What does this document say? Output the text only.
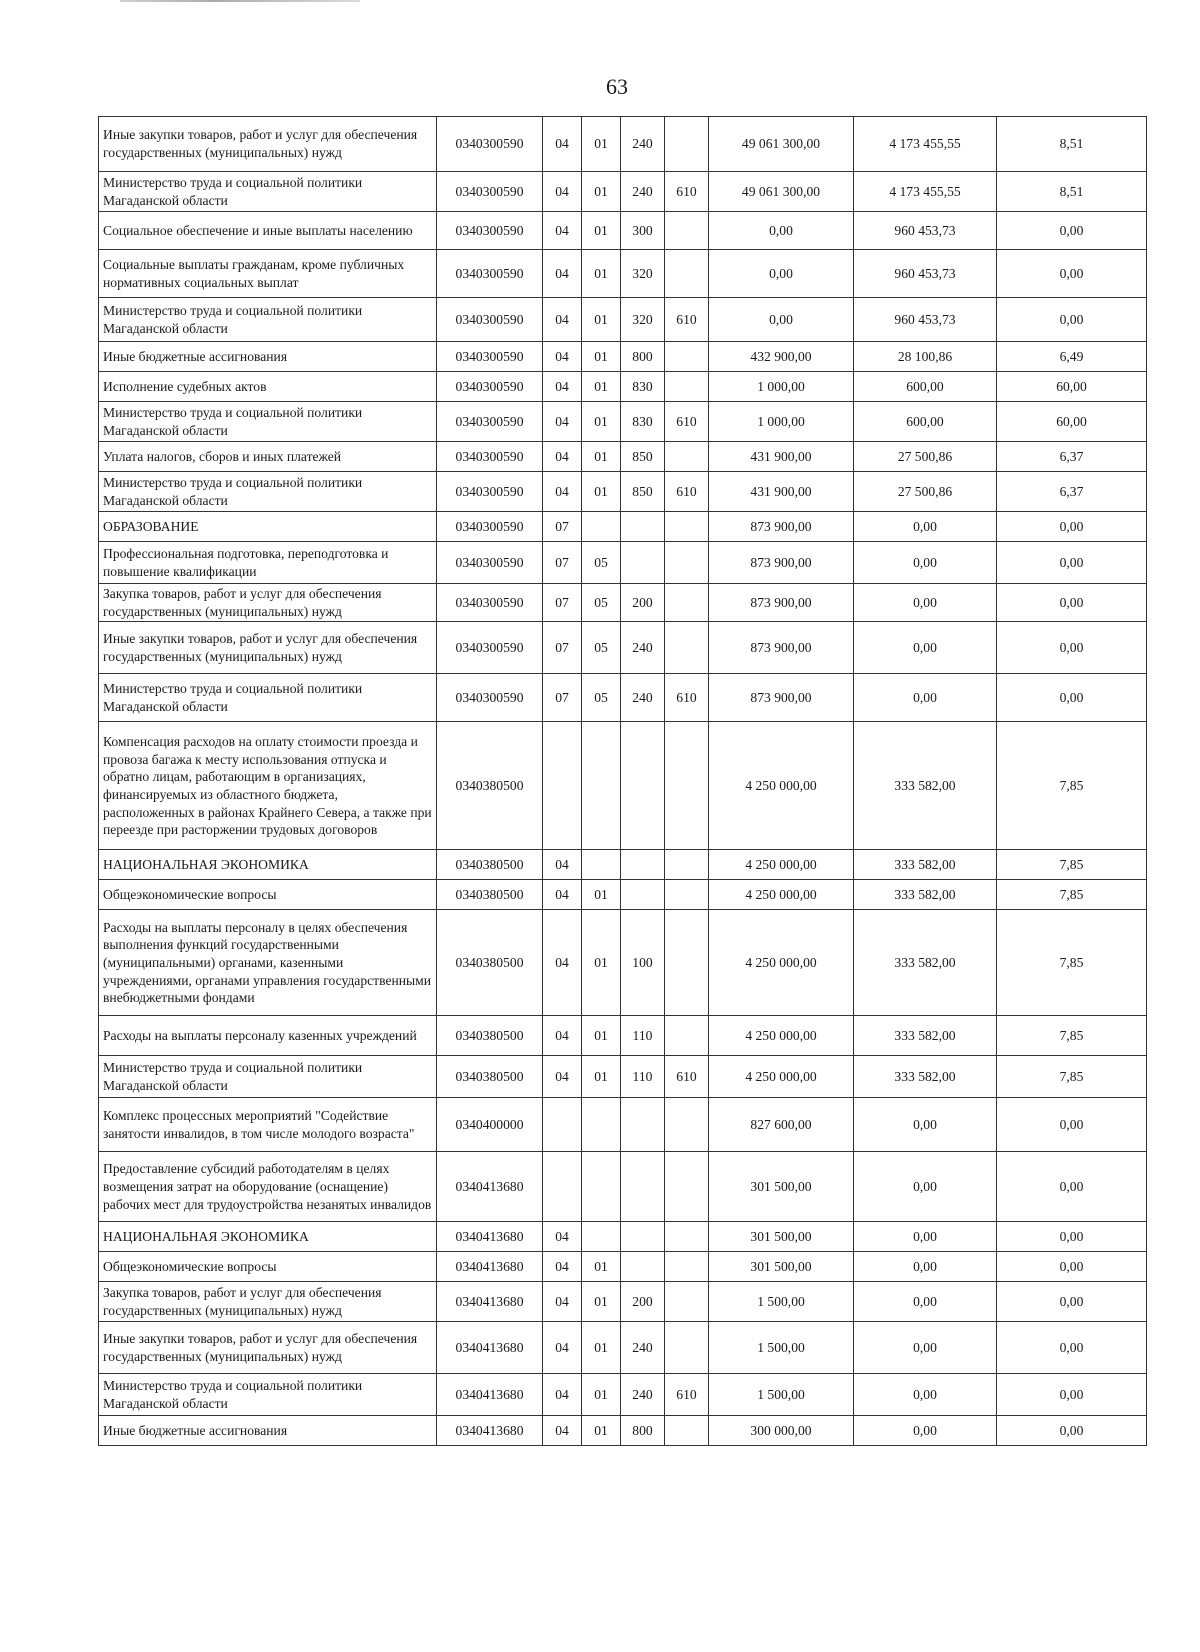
63
Иные закупки товаров, работ и услуг для обеспечения государственных (муниципальных) нужд	0340300590	04	01	240		49 061 300,00	4 173 455,55	8,51
Министерство труда и социальной политики Магаданской области	0340300590	04	01	240	610	49 061 300,00	4 173 455,55	8,51
Социальное обеспечение и иные выплаты населению	0340300590	04	01	300		0,00	960 453,73	0,00
Социальные выплаты гражданам, кроме публичных нормативных социальных выплат	0340300590	04	01	320		0,00	960 453,73	0,00
Министерство труда и социальной политики Магаданской области	0340300590	04	01	320	610	0,00	960 453,73	0,00
Иные бюджетные ассигнования	0340300590	04	01	800		432 900,00	28 100,86	6,49
Исполнение судебных актов	0340300590	04	01	830		1 000,00	600,00	60,00
Министерство труда и социальной политики Магаданской области	0340300590	04	01	830	610	1 000,00	600,00	60,00
Уплата налогов, сборов и иных платежей	0340300590	04	01	850		431 900,00	27 500,86	6,37
Министерство труда и социальной политики Магаданской области	0340300590	04	01	850	610	431 900,00	27 500,86	6,37
ОБРАЗОВАНИЕ	0340300590	07				873 900,00	0,00	0,00
Профессиональная подготовка, переподготовка и повышение квалификации	0340300590	07	05			873 900,00	0,00	0,00
Закупка товаров, работ и услуг для обеспечения государственных (муниципальных) нужд	0340300590	07	05	200		873 900,00	0,00	0,00
Иные закупки товаров, работ и услуг для обеспечения государственных (муниципальных) нужд	0340300590	07	05	240		873 900,00	0,00	0,00
Министерство труда и социальной политики Магаданской области	0340300590	07	05	240	610	873 900,00	0,00	0,00
Компенсация расходов на оплату стоимости проезда и провоза багажа к месту использования отпуска и обратно лицам, работающим в организациях, финансируемых из областного бюджета, расположенных в районах Крайнего Севера, а также при переезде при расторжении трудовых договоров	0340380500					4 250 000,00	333 582,00	7,85
НАЦИОНАЛЬНАЯ ЭКОНОМИКА	0340380500	04				4 250 000,00	333 582,00	7,85
Общеэкономические вопросы	0340380500	04	01			4 250 000,00	333 582,00	7,85
Расходы на выплаты персоналу в целях обеспечения выполнения функций государственными (муниципальными) органами, казенными учреждениями, органами управления государственными внебюджетными фондами	0340380500	04	01	100		4 250 000,00	333 582,00	7,85
Расходы на выплаты персоналу казенных учреждений	0340380500	04	01	110		4 250 000,00	333 582,00	7,85
Министерство труда и социальной политики Магаданской области	0340380500	04	01	110	610	4 250 000,00	333 582,00	7,85
Комплекс процессных мероприятий "Содействие занятости инвалидов, в том числе молодого возраста"	0340400000					827 600,00	0,00	0,00
Предоставление субсидий работодателям в целях возмещения затрат на оборудование (оснащение) рабочих мест для трудоустройства незанятых инвалидов	0340413680					301 500,00	0,00	0,00
НАЦИОНАЛЬНАЯ ЭКОНОМИКА	0340413680	04				301 500,00	0,00	0,00
Общеэкономические вопросы	0340413680	04	01			301 500,00	0,00	0,00
Закупка товаров, работ и услуг для обеспечения государственных (муниципальных) нужд	0340413680	04	01	200		1 500,00	0,00	0,00
Иные закупки товаров, работ и услуг для обеспечения государственных (муниципальных) нужд	0340413680	04	01	240		1 500,00	0,00	0,00
Министерство труда и социальной политики Магаданской области	0340413680	04	01	240	610	1 500,00	0,00	0,00
Иные бюджетные ассигнования	0340413680	04	01	800		300 000,00	0,00	0,00
